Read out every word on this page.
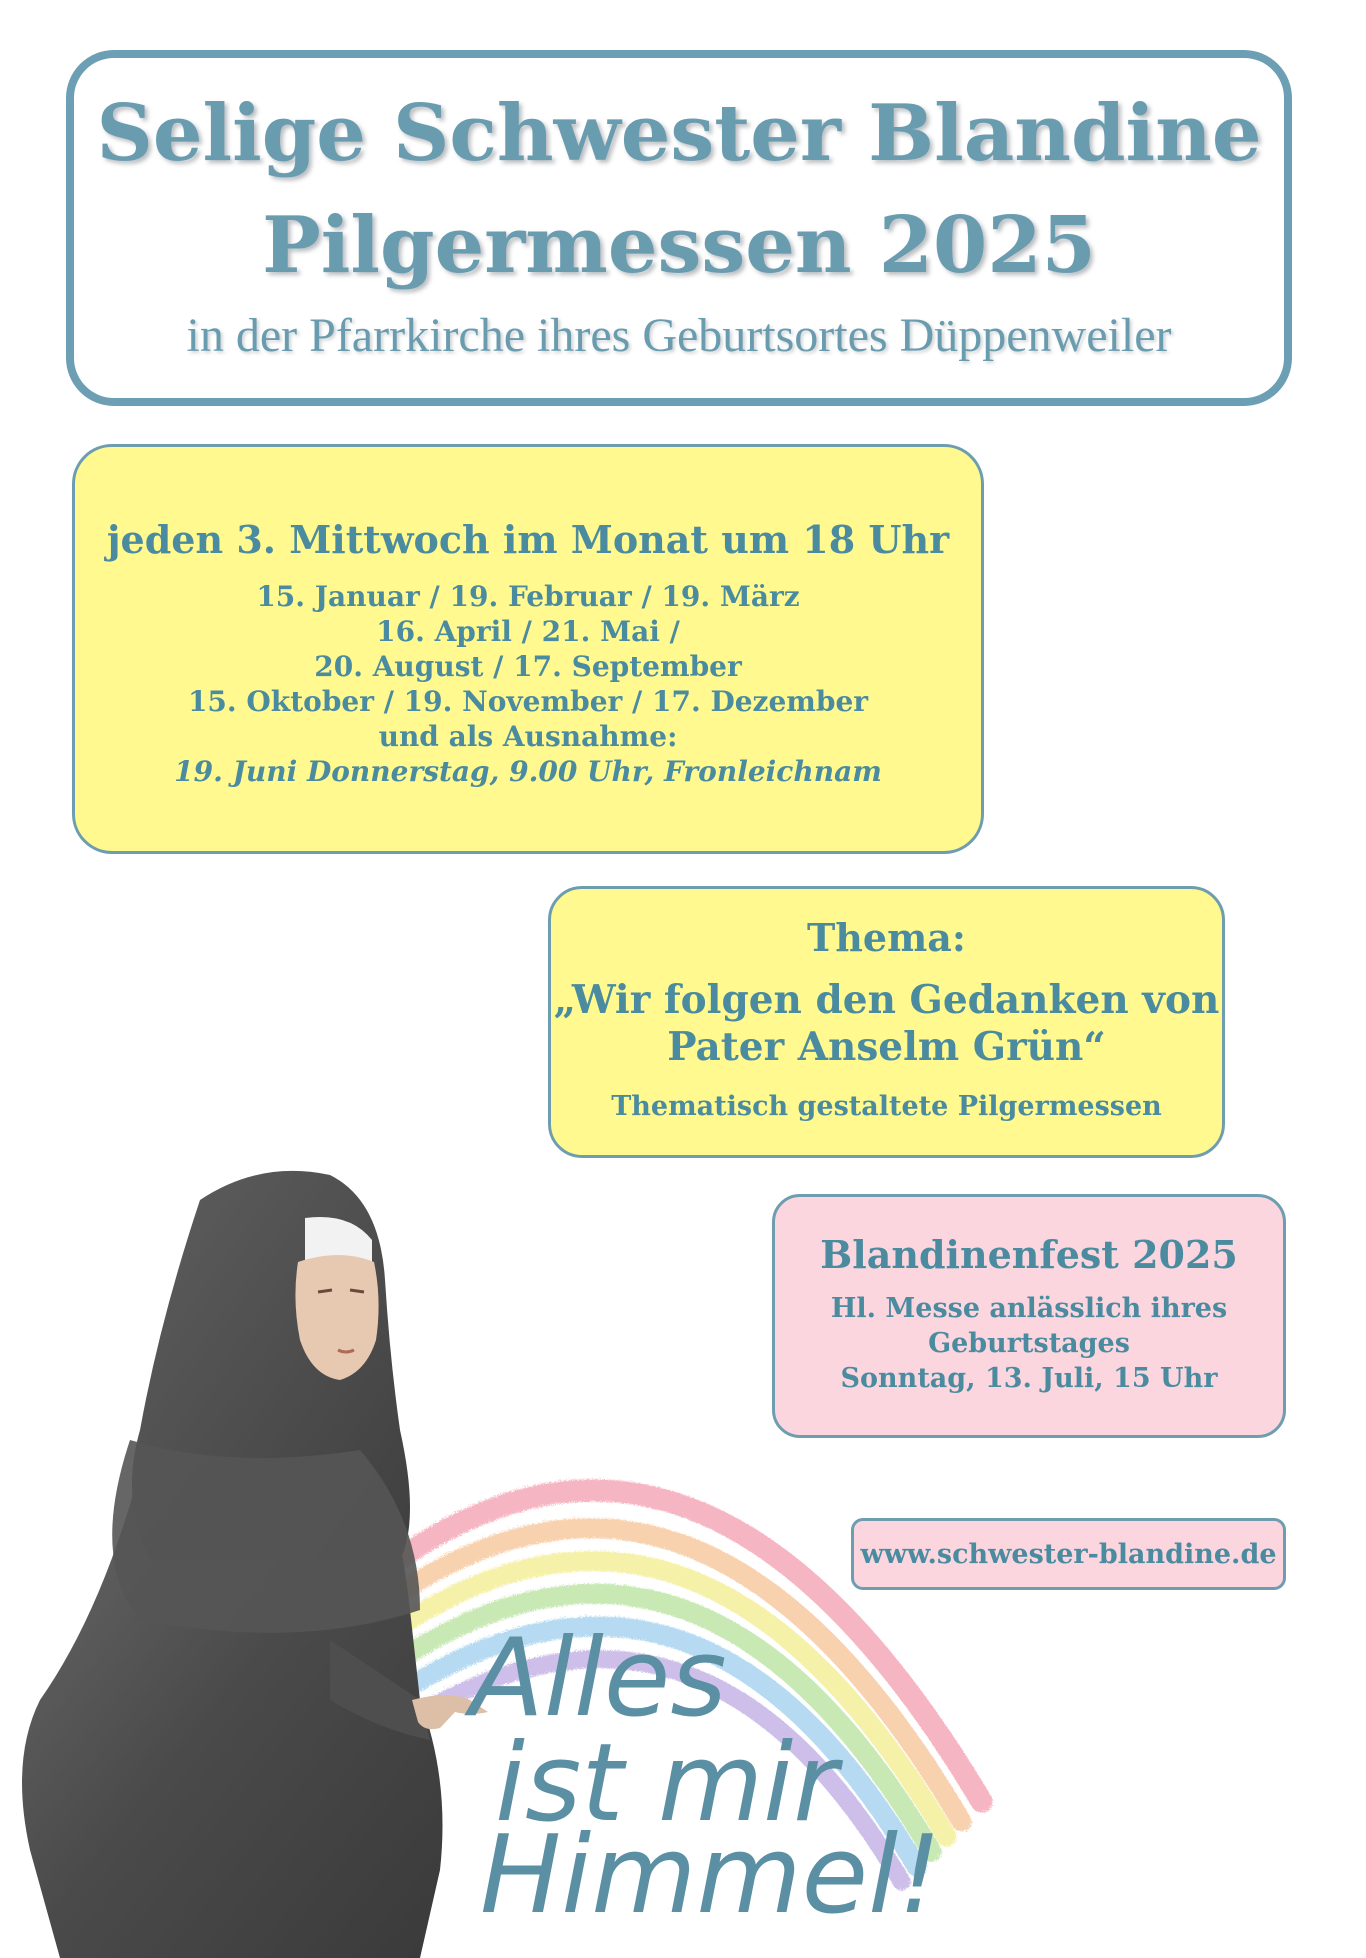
Selige Schwester Blandine
Pilgermessen 2025
in der Pfarrkirche ihres Geburtsortes Düppenweiler
jeden 3. Mittwoch im Monat um 18 Uhr
15. Januar / 19. Februar / 19. März
16. April / 21. Mai /
20. August / 17. September
15. Oktober / 19. November / 17. Dezember
und als Ausnahme:
19. Juni Donnerstag, 9.00 Uhr, Fronleichnam
Thema:
„Wir folgen den Gedanken von
Pater Anselm Grün“
Thematisch gestaltete Pilgermessen
Blandinenfest 2025
Hl. Messe anlässlich ihres
Geburtstages
Sonntag, 13. Juli, 15 Uhr
www.schwester-blandine.de
Alles
ist mir
Himmel!
